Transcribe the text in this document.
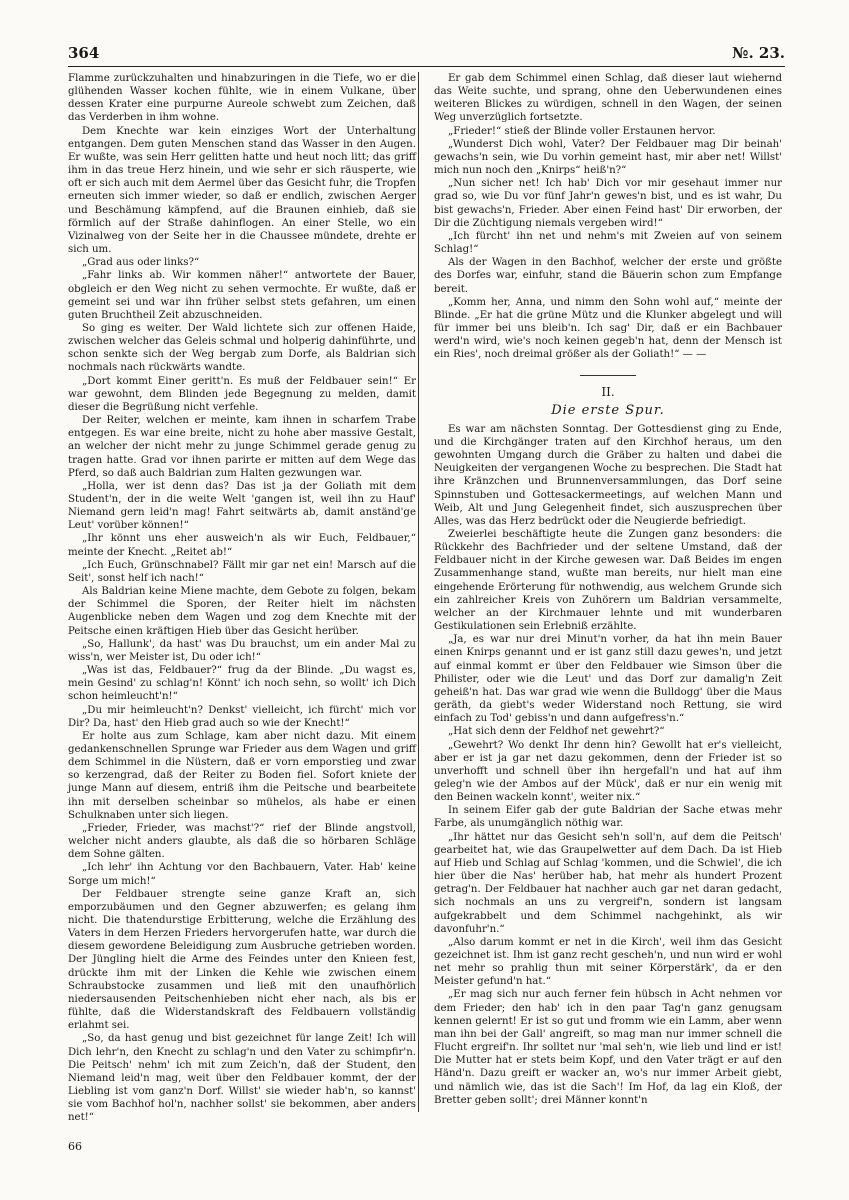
364	№. 23.

Flamme zurückzuhalten und hinabzuringen in die Tiefe, wo er die glühenden Wasser kochen fühlte, wie in einem Vulkane, über dessen Krater eine purpurne Aureole schwebt zum Zeichen, daß das Verderben in ihm wohne.

Dem Knechte war kein einziges Wort der Unterhaltung entgangen. Dem guten Menschen stand das Wasser in den Augen. Er wußte, was sein Herr gelitten hatte und heut noch litt; das griff ihm in das treue Herz hinein, und wie sehr er sich räusperte, wie oft er sich auch mit dem Aermel über das Gesicht fuhr, die Tropfen erneuten sich immer wieder, so daß er endlich, zwischen Aerger und Beschämung kämpfend, auf die Braunen einhieb, daß sie förmlich auf der Straße dahinflogen. An einer Stelle, wo ein Vizinalweg von der Seite her in die Chaussee mündete, drehte er sich um.

„Grad aus oder links?“

„Fahr links ab. Wir kommen näher!“ antwortete der Bauer, obgleich er den Weg nicht zu sehen vermochte. Er wußte, daß er gemeint sei und war ihn früher selbst stets gefahren, um einen guten Bruchtheil Zeit abzuschneiden.

So ging es weiter. Der Wald lichtete sich zur offenen Haide, zwischen welcher das Geleis schmal und holperig dahinführte, und schon senkte sich der Weg bergab zum Dorfe, als Baldrian sich nochmals nach rückwärts wandte.

„Dort kommt Einer geritt'n. Es muß der Feldbauer sein!“ Er war gewohnt, dem Blinden jede Begegnung zu melden, damit dieser die Begrüßung nicht verfehle.

Der Reiter, welchen er meinte, kam ihnen in scharfem Trabe entgegen. Es war eine breite, nicht zu hohe aber massive Gestalt, an welcher der nicht mehr zu junge Schimmel gerade genug zu tragen hatte. Grad vor ihnen parirte er mitten auf dem Wege das Pferd, so daß auch Baldrian zum Halten gezwungen war.

„Holla, wer ist denn das? Das ist ja der Goliath mit dem Student'n, der in die weite Welt 'gangen ist, weil ihn zu Hauf' Niemand gern leid'n mag! Fahrt seitwärts ab, damit anständ'ge Leut' vorüber können!“

„Ihr könnt uns eher ausweich'n als wir Euch, Feldbauer,“ meinte der Knecht. „Reitet ab!“

„Ich Euch, Grünschnabel? Fällt mir gar net ein! Marsch auf die Seit', sonst helf ich nach!“

Als Baldrian keine Miene machte, dem Gebote zu folgen, bekam der Schimmel die Sporen, der Reiter hielt im nächsten Augenblicke neben dem Wagen und zog dem Knechte mit der Peitsche einen kräftigen Hieb über das Gesicht herüber.

„So, Hallunk', da hast' was Du brauchst, um ein ander Mal zu wiss'n, wer Meister ist, Du oder ich!“

„Was ist das, Feldbauer?“ frug da der Blinde. „Du wagst es, mein Gesind' zu schlag'n! Könnt' ich noch sehn, so wollt' ich Dich schon heimleucht'n!“

„Du mir heimleucht'n? Denkst' vielleicht, ich fürcht' mich vor Dir? Da, hast' den Hieb grad auch so wie der Knecht!“

Er holte aus zum Schlage, kam aber nicht dazu. Mit einem gedankenschnellen Sprunge war Frieder aus dem Wagen und griff dem Schimmel in die Nüstern, daß er vorn emporstieg und zwar so kerzengrad, daß der Reiter zu Boden fiel. Sofort kniete der junge Mann auf diesem, entriß ihm die Peitsche und bearbeitete ihn mit derselben scheinbar so mühelos, als habe er einen Schulknaben unter sich liegen.

„Frieder, Frieder, was machst'?“ rief der Blinde angstvoll, welcher nicht anders glaubte, als daß die so hörbaren Schläge dem Sohne gälten.

„Ich lehr' ihn Achtung vor den Bachbauern, Vater. Hab' keine Sorge um mich!“

Der Feldbauer strengte seine ganze Kraft an, sich emporzubäumen und den Gegner abzuwerfen; es gelang ihm nicht. Die thatendurstige Erbitterung, welche die Erzählung des Vaters in dem Herzen Frieders hervorgerufen hatte, war durch die diesem gewordene Beleidigung zum Ausbruche getrieben worden. Der Jüngling hielt die Arme des Feindes unter den Knieen fest, drückte ihm mit der Linken die Kehle wie zwischen einem Schraubstocke zusammen und ließ mit den unaufhörlich niedersausenden Peitschenhieben nicht eher nach, als bis er fühlte, daß die Widerstandskraft des Feldbauern vollständig erlahmt sei.

„So, da hast genug und bist gezeichnet für lange Zeit! Ich will Dich lehr'n, den Knecht zu schlag'n und den Vater zu schimpfir'n. Die Peitsch' nehm' ich mit zum Zeich'n, daß der Student, den Niemand leid'n mag, weit über den Feldbauer kommt, der der Liebling ist vom ganz'n Dorf. Willst' sie wieder hab'n, so kannst' sie vom Bachhof hol'n, nachher sollst' sie bekommen, aber anders net!“

Er gab dem Schimmel einen Schlag, daß dieser laut wiehernd das Weite suchte, und sprang, ohne den Ueberwundenen eines weiteren Blickes zu würdigen, schnell in den Wagen, der seinen Weg unverzüglich fortsetzte.

„Frieder!“ stieß der Blinde voller Erstaunen hervor.

„Wunderst Dich wohl, Vater? Der Feldbauer mag Dir beinah' gewachs'n sein, wie Du vorhin gemeint hast, mir aber net! Willst' mich nun noch den „Knirps“ heiß'n?“

„Nun sicher net! Ich hab' Dich vor mir gesehaut immer nur grad so, wie Du vor fünf Jahr'n gewes'n bist, und es ist wahr, Du bist gewachs'n, Frieder. Aber einen Feind hast' Dir erworben, der Dir die Züchtigung niemals vergeben wird!“

„Ich fürcht' ihn net und nehm's mit Zweien auf von seinem Schlag!“

Als der Wagen in den Bachhof, welcher der erste und größte des Dorfes war, einfuhr, stand die Bäuerin schon zum Empfange bereit.

„Komm her, Anna, und nimm den Sohn wohl auf,“ meinte der Blinde. „Er hat die grüne Mütz und die Klunker abgelegt und will für immer bei uns bleib'n. Ich sag' Dir, daß er ein Bachbauer werd'n wird, wie's noch keinen gegeb'n hat, denn der Mensch ist ein Ries', noch dreimal größer als der Goliath!“ — —

II.
Die erste Spur.

Es war am nächsten Sonntag. Der Gottesdienst ging zu Ende, und die Kirchgänger traten auf den Kirchhof heraus, um den gewohnten Umgang durch die Gräber zu halten und dabei die Neuigkeiten der vergangenen Woche zu besprechen. Die Stadt hat ihre Kränzchen und Brunnenversammlungen, das Dorf seine Spinnstuben und Gottesackermeetings, auf welchen Mann und Weib, Alt und Jung Gelegenheit findet, sich auszusprechen über Alles, was das Herz bedrückt oder die Neugierde befriedigt.

Zweierlei beschäftigte heute die Zungen ganz besonders: die Rückkehr des Bachfrieder und der seltene Umstand, daß der Feldbauer nicht in der Kirche gewesen war. Daß Beides im engen Zusammenhange stand, wußte man bereits, nur hielt man eine eingehende Erörterung für nothwendig, aus welchem Grunde sich ein zahlreicher Kreis von Zuhörern um Baldrian versammelte, welcher an der Kirchmauer lehnte und mit wunderbaren Gestikulationen sein Erlebniß erzählte.

„Ja, es war nur drei Minut'n vorher, da hat ihn mein Bauer einen Knirps genannt und er ist ganz still dazu gewes'n, und jetzt auf einmal kommt er über den Feldbauer wie Simson über die Philister, oder wie die Leut' und das Dorf zur damalig'n Zeit geheiß'n hat. Das war grad wie wenn die Bulldogg' über die Maus geräth, da giebt's weder Widerstand noch Rettung, sie wird einfach zu Tod' gebiss'n und dann aufgefress'n.“

„Hat sich denn der Feldhof net gewehrt?“

„Gewehrt? Wo denkt Ihr denn hin? Gewollt hat er's vielleicht, aber er ist ja gar net dazu gekommen, denn der Frieder ist so unverhofft und schnell über ihn hergefall'n und hat auf ihm geleg'n wie der Ambos auf der Mück', daß er nur ein wenig mit den Beinen wackeln konnt', weiter nix.“

In seinem Eifer gab der gute Baldrian der Sache etwas mehr Farbe, als unumgänglich nöthig war.

„Ihr hättet nur das Gesicht seh'n soll'n, auf dem die Peitsch' gearbeitet hat, wie das Graupelwetter auf dem Dach. Da ist Hieb auf Hieb und Schlag auf Schlag 'kommen, und die Schwiel', die ich hier über die Nas' herüber hab, hat mehr als hundert Prozent getrag'n. Der Feldbauer hat nachher auch gar net daran gedacht, sich nochmals an uns zu vergreif'n, sondern ist langsam aufgekrabbelt und dem Schimmel nachgehinkt, als wir davonfuhr'n.“

„Also darum kommt er net in die Kirch', weil ihm das Gesicht gezeichnet ist. Ihm ist ganz recht gescheh'n, und nun wird er wohl net mehr so prahlig thun mit seiner Körperstärk', da er den Meister gefund'n hat.“

„Er mag sich nur auch ferner fein hübsch in Acht nehmen vor dem Frieder; den hab' ich in den paar Tag'n ganz genugsam kennen gelernt! Er ist so gut und fromm wie ein Lamm, aber wenn man ihn bei der Gall' angreift, so mag man nur immer schnell die Flucht ergreif'n. Ihr solltet nur 'mal seh'n, wie lieb und lind er ist! Die Mutter hat er stets beim Kopf, und den Vater trägt er auf den Händ'n. Dazu greift er wacker an, wo's nur immer Arbeit giebt, und nämlich wie, das ist die Sach'! Im Hof, da lag ein Kloß, der Bretter geben sollt'; drei Männer konnt'n

66
